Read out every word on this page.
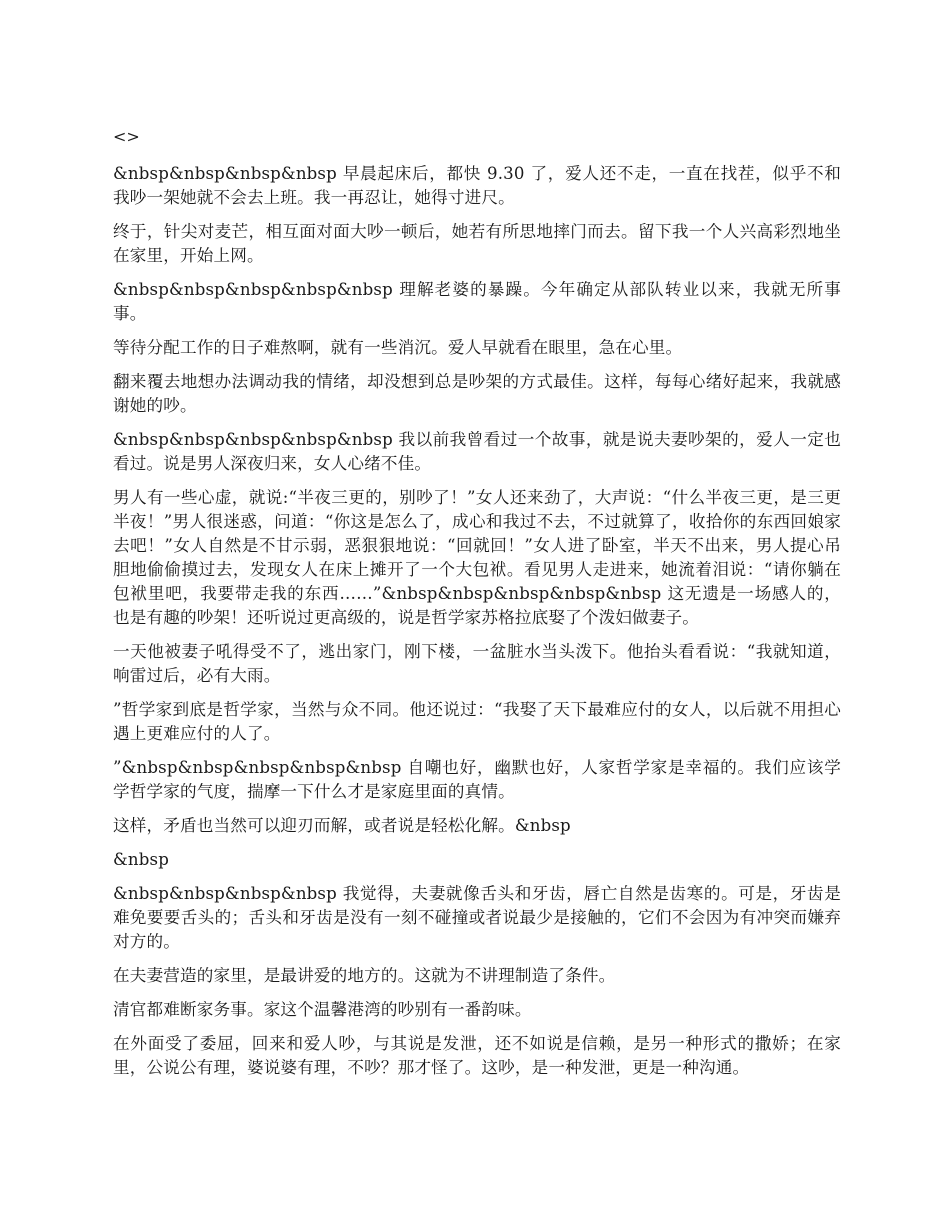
<>

&nbsp&nbsp&nbsp&nbsp 早晨起床后，都快 9.30 了，爱人还不走，一直在找茬，似乎不和我吵一架她就不会去上班。我一再忍让，她得寸进尺。

终于，针尖对麦芒，相互面对面大吵一顿后，她若有所思地摔门而去。留下我一个人兴高彩烈地坐在家里，开始上网。

&nbsp&nbsp&nbsp&nbsp&nbsp 理解老婆的暴躁。今年确定从部队转业以来，我就无所事事。

等待分配工作的日子难熬啊，就有一些消沉。爱人早就看在眼里，急在心里。

翻来覆去地想办法调动我的情绪，却没想到总是吵架的方式最佳。这样，每每心绪好起来，我就感谢她的吵。

&nbsp&nbsp&nbsp&nbsp&nbsp 我以前我曾看过一个故事，就是说夫妻吵架的，爱人一定也看过。说是男人深夜归来，女人心绪不佳。

男人有一些心虚，就说:“半夜三更的，别吵了！”女人还来劲了，大声说：“什么半夜三更，是三更半夜！”男人很迷惑，问道：“你这是怎么了，成心和我过不去，不过就算了，收拾你的东西回娘家去吧！”女人自然是不甘示弱，恶狠狠地说：“回就回！”女人进了卧室，半天不出来，男人提心吊胆地偷偷摸过去，发现女人在床上摊开了一个大包袱。看见男人走进来，她流着泪说：“请你躺在包袱里吧，我要带走我的东西……”&nbsp&nbsp&nbsp&nbsp&nbsp 这无遗是一场感人的，也是有趣的吵架！还听说过更高级的，说是哲学家苏格拉底娶了个泼妇做妻子。

一天他被妻子吼得受不了，逃出家门，刚下楼，一盆脏水当头泼下。他抬头看看说：“我就知道，响雷过后，必有大雨。

”哲学家到底是哲学家，当然与众不同。他还说过：“我娶了天下最难应付的女人，以后就不用担心遇上更难应付的人了。

”&nbsp&nbsp&nbsp&nbsp&nbsp 自嘲也好，幽默也好，人家哲学家是幸福的。我们应该学学哲学家的气度，揣摩一下什么才是家庭里面的真情。

这样，矛盾也当然可以迎刃而解，或者说是轻松化解。&nbsp

&nbsp

&nbsp&nbsp&nbsp&nbsp 我觉得，夫妻就像舌头和牙齿，唇亡自然是齿寒的。可是，牙齿是难免要要舌头的；舌头和牙齿是没有一刻不碰撞或者说最少是接触的，它们不会因为有冲突而嫌弃对方的。

在夫妻营造的家里，是最讲爱的地方的。这就为不讲理制造了条件。

清官都难断家务事。家这个温馨港湾的吵别有一番韵味。

在外面受了委屈，回来和爱人吵，与其说是发泄，还不如说是信赖，是另一种形式的撒娇；在家里，公说公有理，婆说婆有理，不吵？那才怪了。这吵，是一种发泄，更是一种沟通。
